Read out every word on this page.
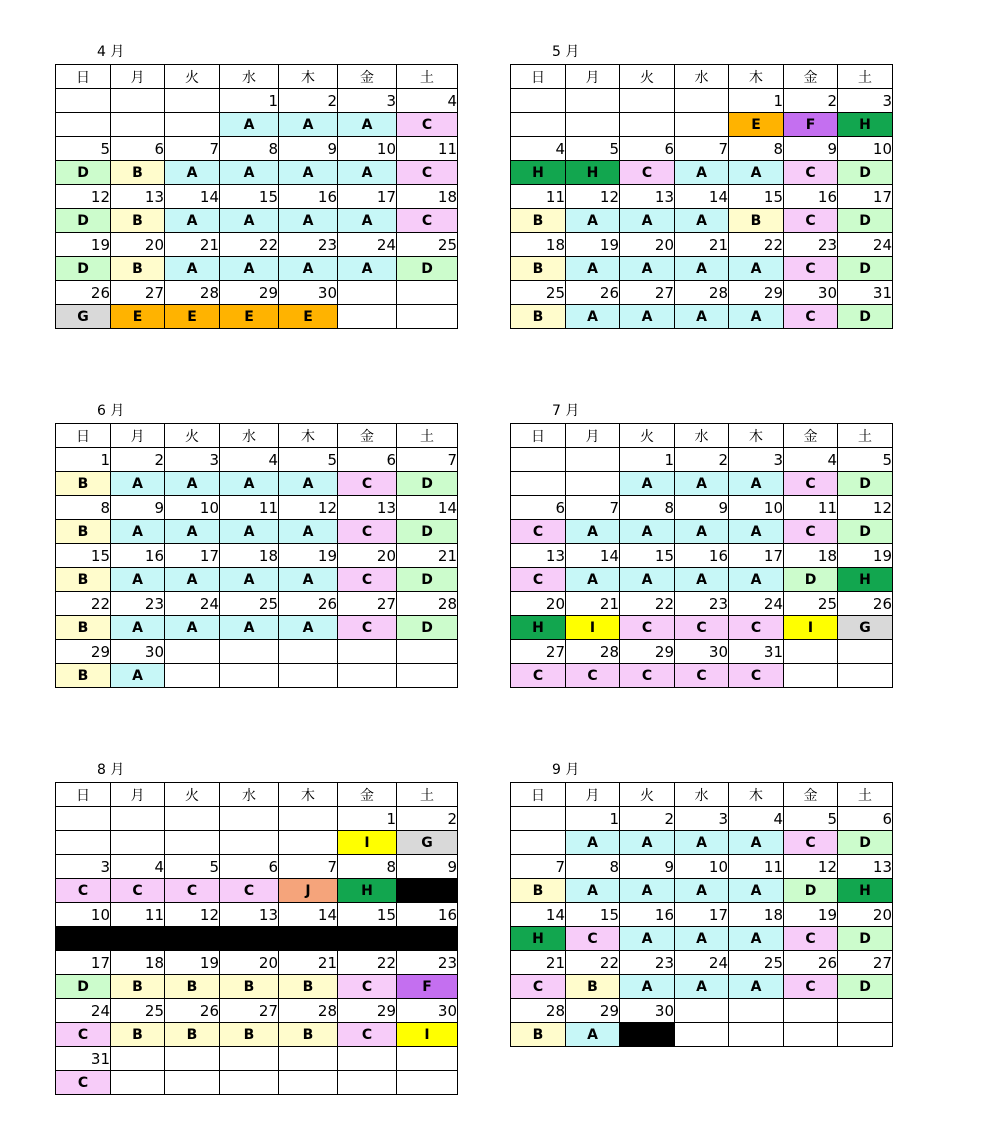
4 月
日	月	火	水	木	金	土
			1	2	3	4
			A	A	A	C
5	6	7	8	9	10	11
D	B	A	A	A	A	C
12	13	14	15	16	17	18
D	B	A	A	A	A	C
19	20	21	22	23	24	25
D	B	A	A	A	A	D
26	27	28	29	30		
G	E	E	E	E		
5 月
日	月	火	水	木	金	土
				1	2	3
				E	F	H
4	5	6	7	8	9	10
H	H	C	A	A	C	D
11	12	13	14	15	16	17
B	A	A	A	B	C	D
18	19	20	21	22	23	24
B	A	A	A	A	C	D
25	26	27	28	29	30	31
B	A	A	A	A	C	D
6 月
日	月	火	水	木	金	土
1	2	3	4	5	6	7
B	A	A	A	A	C	D
8	9	10	11	12	13	14
B	A	A	A	A	C	D
15	16	17	18	19	20	21
B	A	A	A	A	C	D
22	23	24	25	26	27	28
B	A	A	A	A	C	D
29	30					
B	A					
7 月
日	月	火	水	木	金	土
		1	2	3	4	5
		A	A	A	C	D
6	7	8	9	10	11	12
C	A	A	A	A	C	D
13	14	15	16	17	18	19
C	A	A	A	A	D	H
20	21	22	23	24	25	26
H	I	C	C	C	I	G
27	28	29	30	31		
C	C	C	C	C		
8 月
日	月	火	水	木	金	土
					1	2
					I	G
3	4	5	6	7	8	9
C	C	C	C	J	H	
10	11	12	13	14	15	16

17	18	19	20	21	22	23
D	B	B	B	B	C	F
24	25	26	27	28	29	30
C	B	B	B	B	C	I
31						
C						
9 月
日	月	火	水	木	金	土
	1	2	3	4	5	6
	A	A	A	A	C	D
7	8	9	10	11	12	13
B	A	A	A	A	D	H
14	15	16	17	18	19	20
H	C	A	A	A	C	D
21	22	23	24	25	26	27
C	B	A	A	A	C	D
28	29	30				
B	A					
